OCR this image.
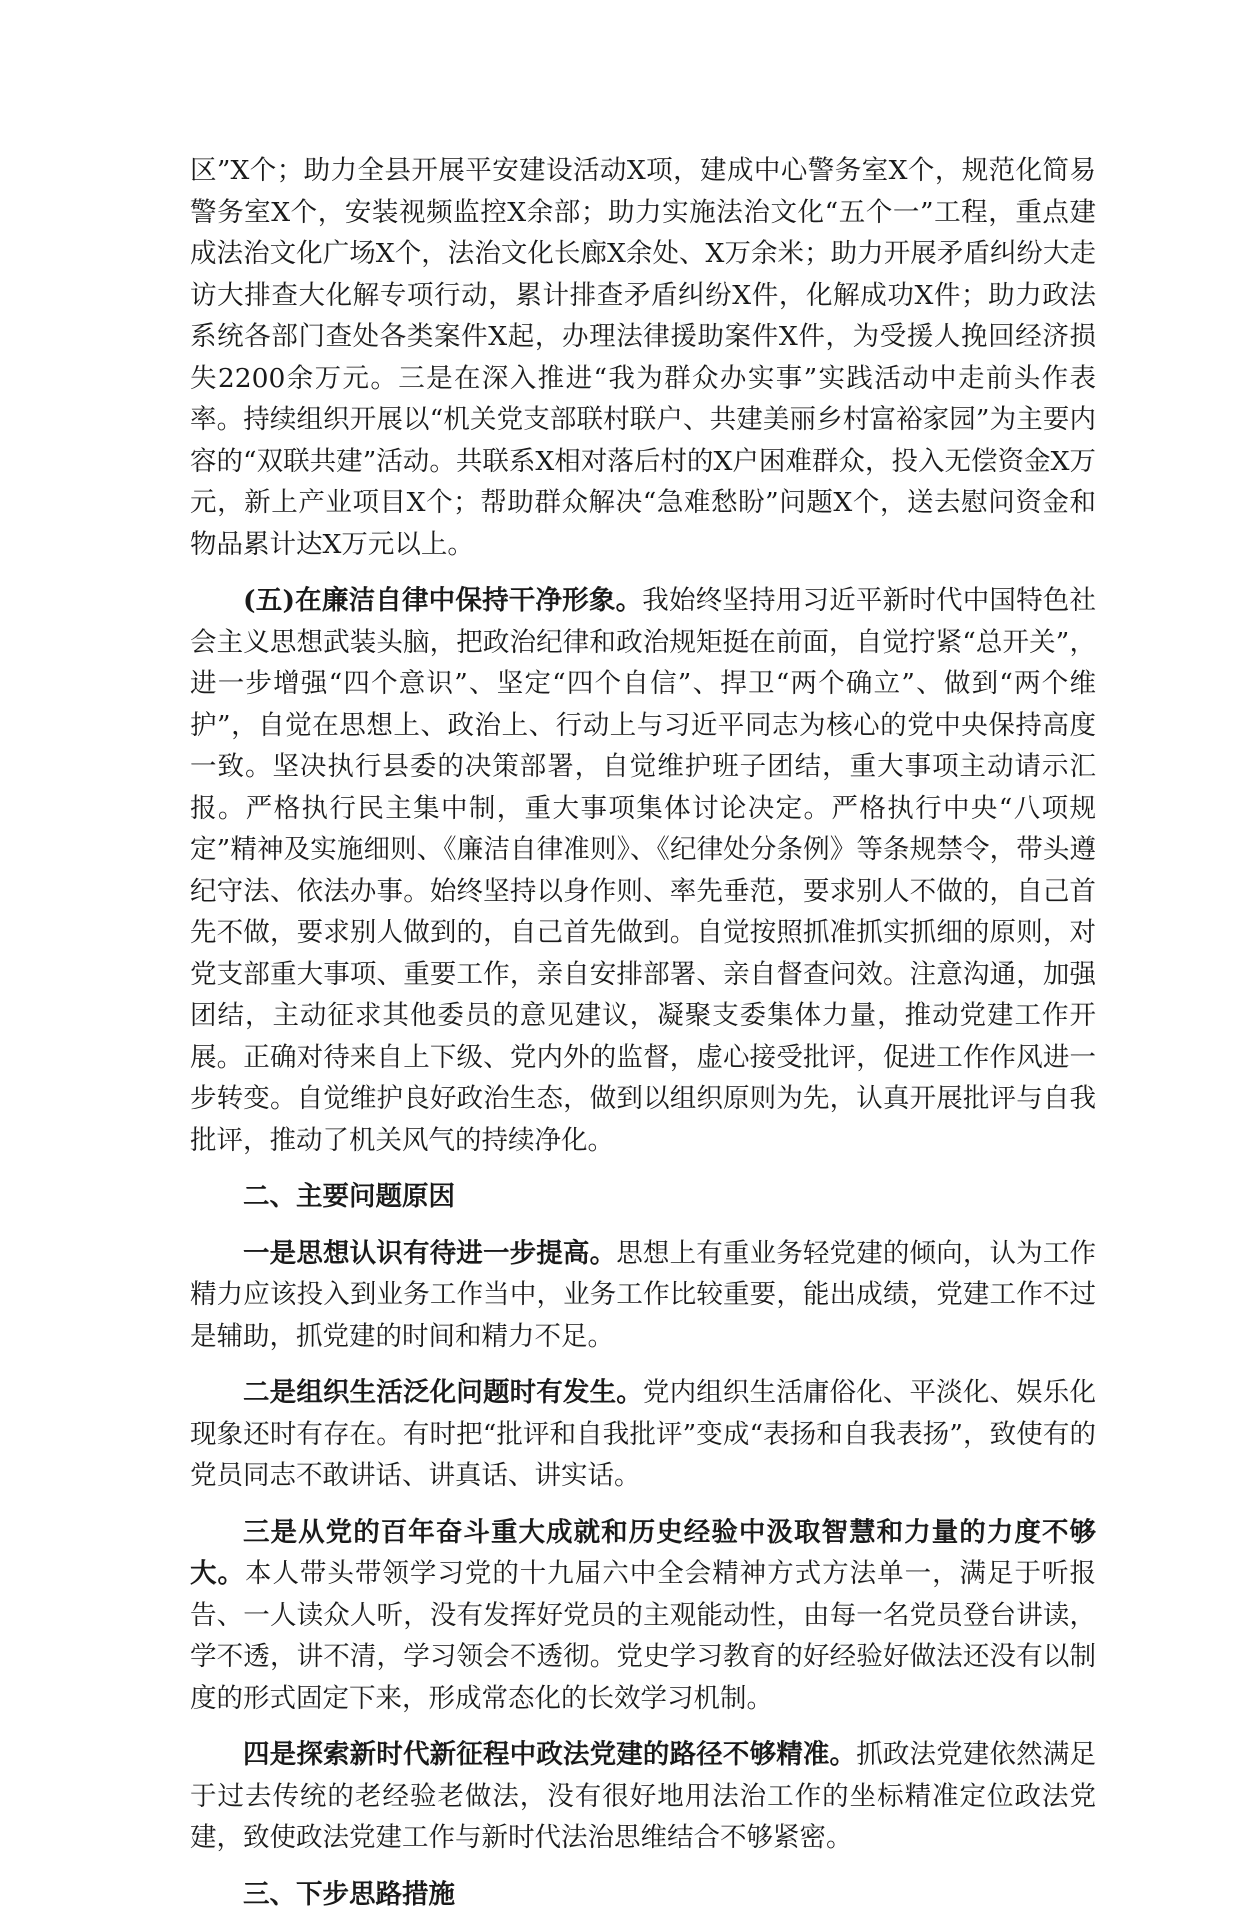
区”X个；助力全县开展平安建设活动X项，建成中心警务室X个，规范化简易警务室X个，安装视频监控X余部；助力实施法治文化“五个一”工程，重点建成法治文化广场X个，法治文化长廊X余处、X万余米；助力开展矛盾纠纷大走访大排查大化解专项行动，累计排查矛盾纠纷X件，化解成功X件；助力政法系统各部门查处各类案件X起，办理法律援助案件X件，为受援人挽回经济损失2200余万元。三是在深入推进“我为群众办实事”实践活动中走前头作表率。持续组织开展以“机关党支部联村联户、共建美丽乡村富裕家园”为主要内容的“双联共建”活动。共联系X相对落后村的X户困难群众，投入无偿资金X万元，新上产业项目X个；帮助群众解决“急难愁盼”问题X个，送去慰问资金和物品累计达X万元以上。

(五)在廉洁自律中保持干净形象。我始终坚持用习近平新时代中国特色社会主义思想武装头脑，把政治纪律和政治规矩挺在前面，自觉拧紧“总开关”，进一步增强“四个意识”、坚定“四个自信”、捍卫“两个确立”、做到“两个维护”，自觉在思想上、政治上、行动上与习近平同志为核心的党中央保持高度一致。坚决执行县委的决策部署，自觉维护班子团结，重大事项主动请示汇报。严格执行民主集中制，重大事项集体讨论决定。严格执行中央“八项规定”精神及实施细则、《廉洁自律准则》、《纪律处分条例》等条规禁令，带头遵纪守法、依法办事。始终坚持以身作则、率先垂范，要求别人不做的，自己首先不做，要求别人做到的，自己首先做到。自觉按照抓准抓实抓细的原则，对党支部重大事项、重要工作，亲自安排部署、亲自督查问效。注意沟通，加强团结，主动征求其他委员的意见建议，凝聚支委集体力量，推动党建工作开展。正确对待来自上下级、党内外的监督，虚心接受批评，促进工作作风进一步转变。自觉维护良好政治生态，做到以组织原则为先，认真开展批评与自我批评，推动了机关风气的持续净化。

二、主要问题原因

一是思想认识有待进一步提高。思想上有重业务轻党建的倾向，认为工作精力应该投入到业务工作当中，业务工作比较重要，能出成绩，党建工作不过是辅助，抓党建的时间和精力不足。

二是组织生活泛化问题时有发生。党内组织生活庸俗化、平淡化、娱乐化现象还时有存在。有时把“批评和自我批评”变成“表扬和自我表扬”，致使有的党员同志不敢讲话、讲真话、讲实话。

三是从党的百年奋斗重大成就和历史经验中汲取智慧和力量的力度不够大。本人带头带领学习党的十九届六中全会精神方式方法单一，满足于听报告、一人读众人听，没有发挥好党员的主观能动性，由每一名党员登台讲读，学不透，讲不清，学习领会不透彻。党史学习教育的好经验好做法还没有以制度的形式固定下来，形成常态化的长效学习机制。

四是探索新时代新征程中政法党建的路径不够精准。抓政法党建依然满足于过去传统的老经验老做法，没有很好地用法治工作的坐标精准定位政法党建，致使政法党建工作与新时代法治思维结合不够紧密。

三、下步思路措施
